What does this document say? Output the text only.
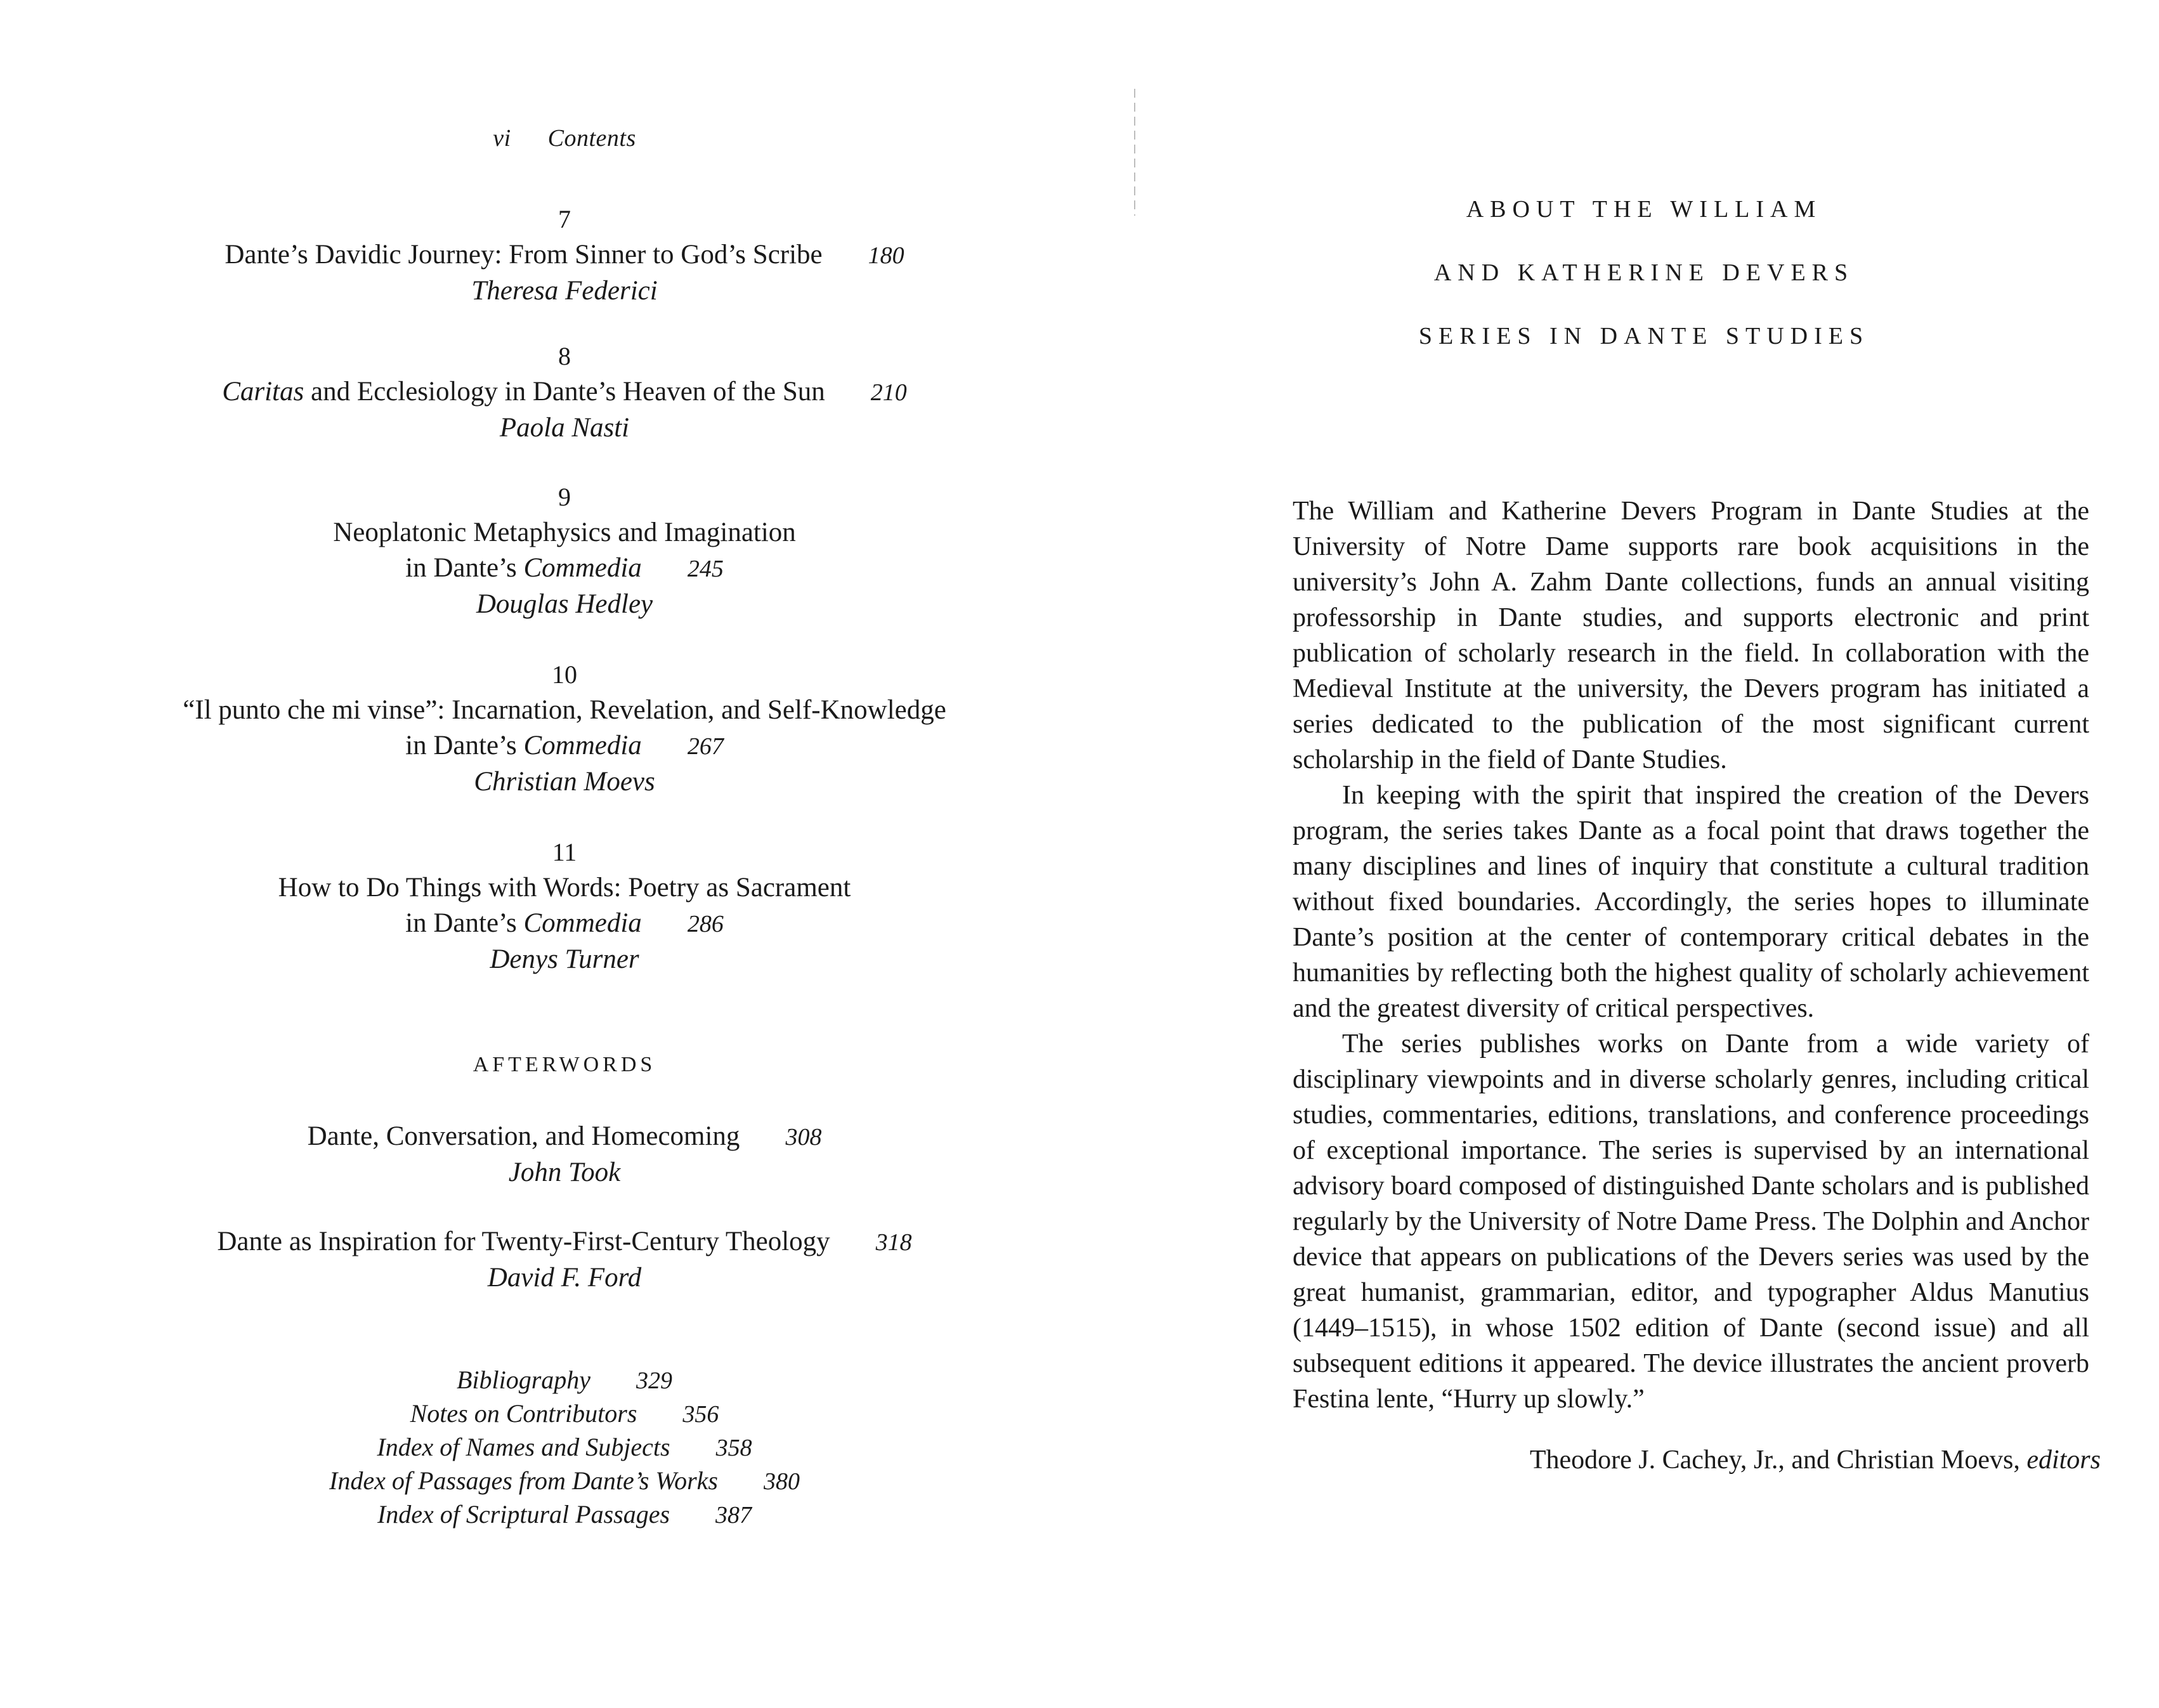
vi Contents
7
Dante’s Davidic Journey: From Sinner to God’s Scribe 180
Theresa Federici
8
Caritas and Ecclesiology in Dante’s Heaven of the Sun 210
Paola Nasti
9
Neoplatonic Metaphysics and Imagination
in Dante’s Commedia 245
Douglas Hedley
10
“Il punto che mi vinse”: Incarnation, Revelation, and Self-Knowledge
in Dante’s Commedia 267
Christian Moevs
11
How to Do Things with Words: Poetry as Sacrament
in Dante’s Commedia 286
Denys Turner
AFTERWORDS
Dante, Conversation, and Homecoming 308
John Took
Dante as Inspiration for Twenty-First-Century Theology 318
David F. Ford
Bibliography 329
Notes on Contributors 356
Index of Names and Subjects 358
Index of Passages from Dante’s Works 380
Index of Scriptural Passages 387
ABOUT THE WILLIAM
AND KATHERINE DEVERS
SERIES IN DANTE STUDIES

The William and Katherine Devers Program in Dante Studies at the University of Notre Dame supports rare book acquisitions in the university’s John A. Zahm Dante collections, funds an annual visiting professorship in Dante studies, and supports electronic and print publication of scholarly research in the field. In collaboration with the Medieval Institute at the university, the Devers program has initiated a series dedicated to the publication of the most significant current scholarship in the field of Dante Studies.

In keeping with the spirit that inspired the creation of the Devers program, the series takes Dante as a focal point that draws together the many disciplines and lines of inquiry that constitute a cultural tradition without fixed boundaries. Accordingly, the series hopes to illuminate Dante’s position at the center of contemporary critical debates in the humanities by reflecting both the highest quality of scholarly achievement and the greatest diversity of critical perspectives.

The series publishes works on Dante from a wide variety of disciplinary viewpoints and in diverse scholarly genres, including critical studies, commentaries, editions, translations, and conference proceedings of exceptional importance. The series is supervised by an international advisory board composed of distinguished Dante scholars and is published regularly by the University of Notre Dame Press. The Dolphin and Anchor device that appears on publications of the Devers series was used by the great humanist, grammarian, editor, and typographer Aldus Manutius (1449–1515), in whose 1502 edition of Dante (second issue) and all subsequent editions it appeared. The device illustrates the ancient proverb Festina lente, “Hurry up slowly.”

Theodore J. Cachey, Jr., and Christian Moevs, editors
